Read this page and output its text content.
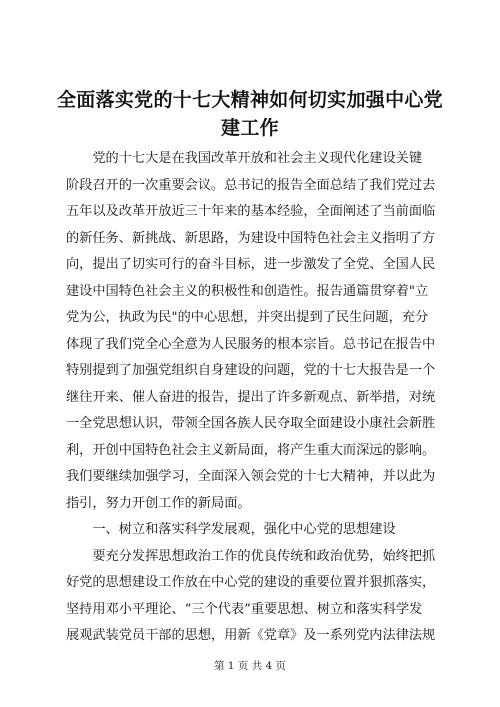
全面落实党的十七大精神如何切实加强中心党
建工作
　　党的十七大是在我国改革开放和社会主义现代化建设关键
阶段召开的一次重要会议。总书记的报告全面总结了我们党过去
五年以及改革开放近三十年来的基本经验，全面阐述了当前面临
的新任务、新挑战、新思路，为建设中国特色社会主义指明了方
向，提出了切实可行的奋斗目标，进一步激发了全党、全国人民
建设中国特色社会主义的积极性和创造性。报告通篇贯穿着"立
党为公，执政为民"的中心思想，并突出提到了民生问题，充分
体现了我们党全心全意为人民服务的根本宗旨。总书记在报告中
特别提到了加强党组织自身建设的问题，党的十七大报告是一个
继往开来、催人奋进的报告，提出了许多新观点、新举措，对统
一全党思想认识，带领全国各族人民夺取全面建设小康社会新胜
利，开创中国特色社会主义新局面，将产生重大而深远的影响。
我们要继续加强学习，全面深入领会党的十七大精神，并以此为
指引，努力开创工作的新局面。
　　一、树立和落实科学发展观，强化中心党的思想建设
　　要充分发挥思想政治工作的优良传统和政治优势，始终把抓
好党的思想建设工作放在中心党的建设的重要位置并狠抓落实，
坚持用邓小平理论、“三个代表”重要思想、树立和落实科学发
展观武装党员干部的思想，用新《党章》及一系列党内法律法规
第 1 页 共 4 页
